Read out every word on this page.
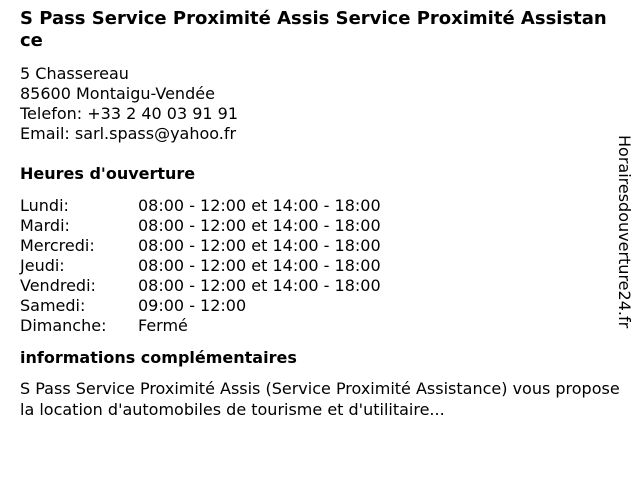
S Pass Service Proximité Assis Service Proximité Assistance
5 Chassereau
85600 Montaigu-Vendée
Telefon: +33 2 40 03 91 91
Email: sarl.spass@yahoo.fr
Heures d'ouverture
Lundi:	08:00 - 12:00 et 14:00 - 18:00
Mardi:	08:00 - 12:00 et 14:00 - 18:00
Mercredi:	08:00 - 12:00 et 14:00 - 18:00
Jeudi:	08:00 - 12:00 et 14:00 - 18:00
Vendredi:	08:00 - 12:00 et 14:00 - 18:00
Samedi:	09:00 - 12:00
Dimanche:	Fermé
informations complémentaires
S Pass Service Proximité Assis (Service Proximité Assistance) vous propose la location d'automobiles de tourisme et d'utilitaire...
Horairesdouverture24.fr
